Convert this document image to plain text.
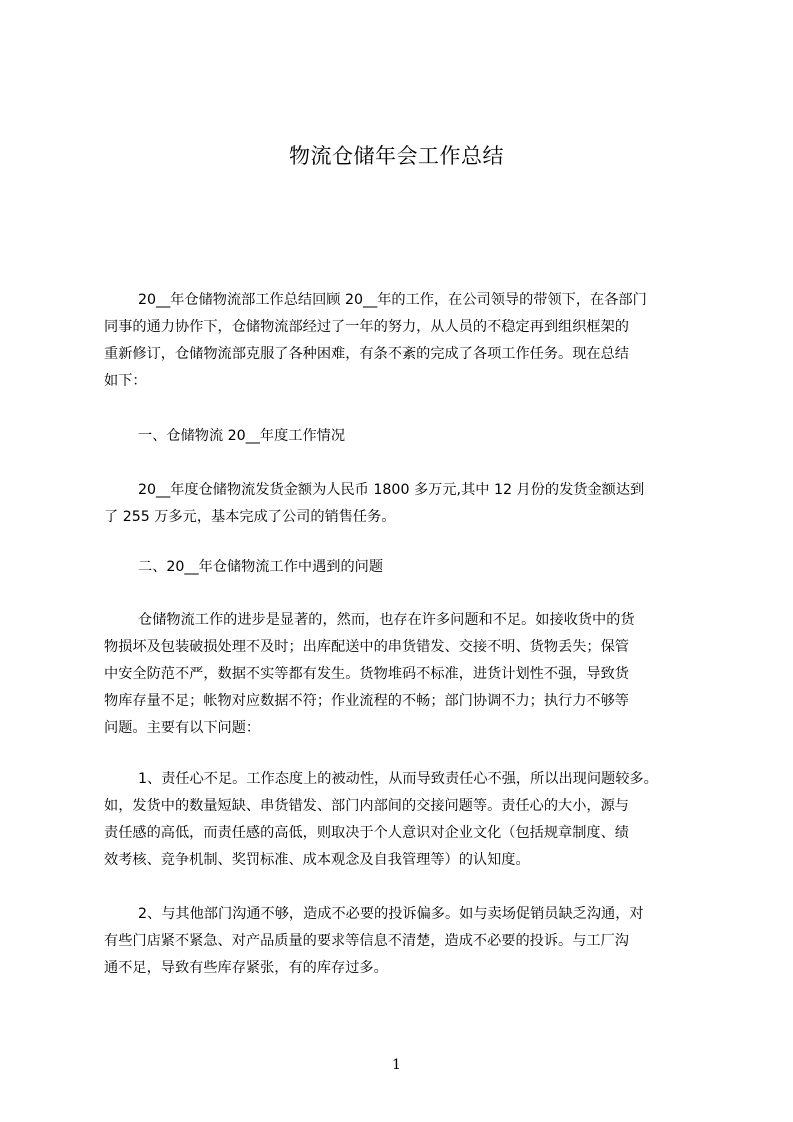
物流仓储年会工作总结
20__年仓储物流部工作总结回顾 20__年的工作，在公司领导的带领下，在各部门
同事的通力协作下，仓储物流部经过了一年的努力，从人员的不稳定再到组织框架的
重新修订，仓储物流部克服了各种困难，有条不紊的完成了各项工作任务。现在总结
如下：
一、仓储物流 20__年度工作情况
20__年度仓储物流发货金额为人民币 1800 多万元,其中 12 月份的发货金额达到
了 255 万多元，基本完成了公司的销售任务。
二、20__年仓储物流工作中遇到的问题
仓储物流工作的进步是显著的，然而，也存在许多问题和不足。如接收货中的货
物损坏及包装破损处理不及时；出库配送中的串货错发、交接不明、货物丢失；保管
中安全防范不严，数据不实等都有发生。货物堆码不标准，进货计划性不强，导致货
物库存量不足；帐物对应数据不符；作业流程的不畅；部门协调不力；执行力不够等
问题。主要有以下问题：
1、责任心不足。工作态度上的被动性，从而导致责任心不强，所以出现问题较多。
如，发货中的数量短缺、串货错发、部门内部间的交接问题等。责任心的大小，源与
责任感的高低，而责任感的高低，则取决于个人意识对企业文化（包括规章制度、绩
效考核、竞争机制、奖罚标准、成本观念及自我管理等）的认知度。
2、与其他部门沟通不够，造成不必要的投诉偏多。如与卖场促销员缺乏沟通，对
有些门店紧不紧急、对产品质量的要求等信息不清楚，造成不必要的投诉。与工厂沟
通不足，导致有些库存紧张，有的库存过多。
1
